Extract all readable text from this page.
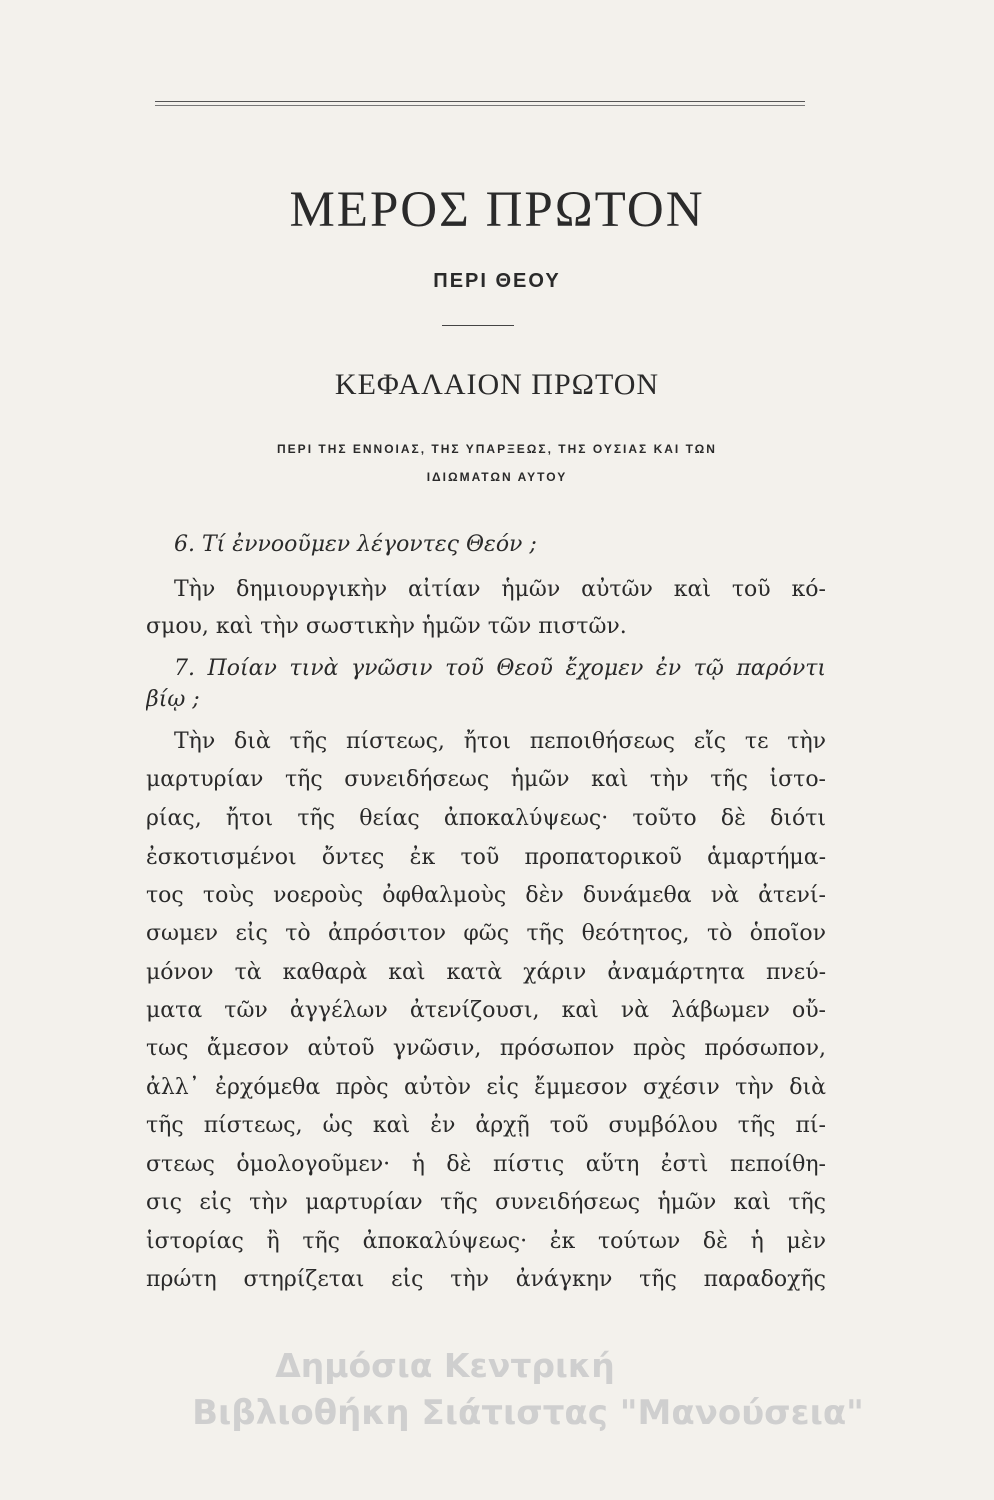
ΜΕΡΟΣ ΠΡΩΤΟΝ
ΠΕΡΙ ΘΕΟΥ
ΚΕΦΑΛΑΙΟΝ ΠΡΩΤΟΝ
ΠΕΡΙ ΤΗΣ ΕΝΝΟΙΑΣ, ΤΗΣ ΥΠΑΡΞΕΩΣ, ΤΗΣ ΟΥΣΙΑΣ ΚΑΙ ΤΩΝ
ΙΔΙΩΜΑΤΩΝ ΑΥΤΟΥ
6. Τί ἐννοοῦμεν λέγοντες Θεόν ;
Τὴν δημιουργικὴν αἰτίαν ἡμῶν αὐτῶν καὶ τοῦ κό-
σμου, καὶ τὴν σωστικὴν ἡμῶν τῶν πιστῶν.
7. Ποίαν τινὰ γνῶσιν τοῦ Θεοῦ ἔχομεν ἐν τῷ παρόντι
βίῳ ;
Τὴν διὰ τῆς πίστεως, ἤτοι πεποιθήσεως εἴς τε τὴν
μαρτυρίαν τῆς συνειδήσεως ἡμῶν καὶ τὴν τῆς ἱστο-
ρίας, ἤτοι τῆς θείας ἀποκαλύψεως· τοῦτο δὲ διότι
ἐσκοτισμένοι ὄντες ἐκ τοῦ προπατορικοῦ ἁμαρτήμα-
τος τοὺς νοεροὺς ὀφθαλμοὺς δὲν δυνάμεθα νὰ ἀτενί-
σωμεν εἰς τὸ ἀπρόσιτον φῶς τῆς θεότητος, τὸ ὁποῖον
μόνον τὰ καθαρὰ καὶ κατὰ χάριν ἀναμάρτητα πνεύ-
ματα τῶν ἀγγέλων ἀτενίζουσι, καὶ νὰ λάβωμεν οὔ-
τως ἄμεσον αὐτοῦ γνῶσιν, πρόσωπον πρὸς πρόσωπον,
ἀλλ᾽ ἐρχόμεθα πρὸς αὐτὸν εἰς ἔμμεσον σχέσιν τὴν διὰ
τῆς πίστεως, ὡς καὶ ἐν ἀρχῇ τοῦ συμβόλου τῆς πί-
στεως ὁμολογοῦμεν· ἡ δὲ πίστις αὕτη ἐστὶ πεποίθη-
σις εἰς τὴν μαρτυρίαν τῆς συνειδήσεως ἡμῶν καὶ τῆς
ἱστορίας ἢ τῆς ἀποκαλύψεως· ἐκ τούτων δὲ ἡ μὲν
πρώτη στηρίζεται εἰς τὴν ἀνάγκην τῆς παραδοχῆς
Δημόσια Κεντρική
Βιβλιοθήκη Σιάτιστας "Μανούσεια"
